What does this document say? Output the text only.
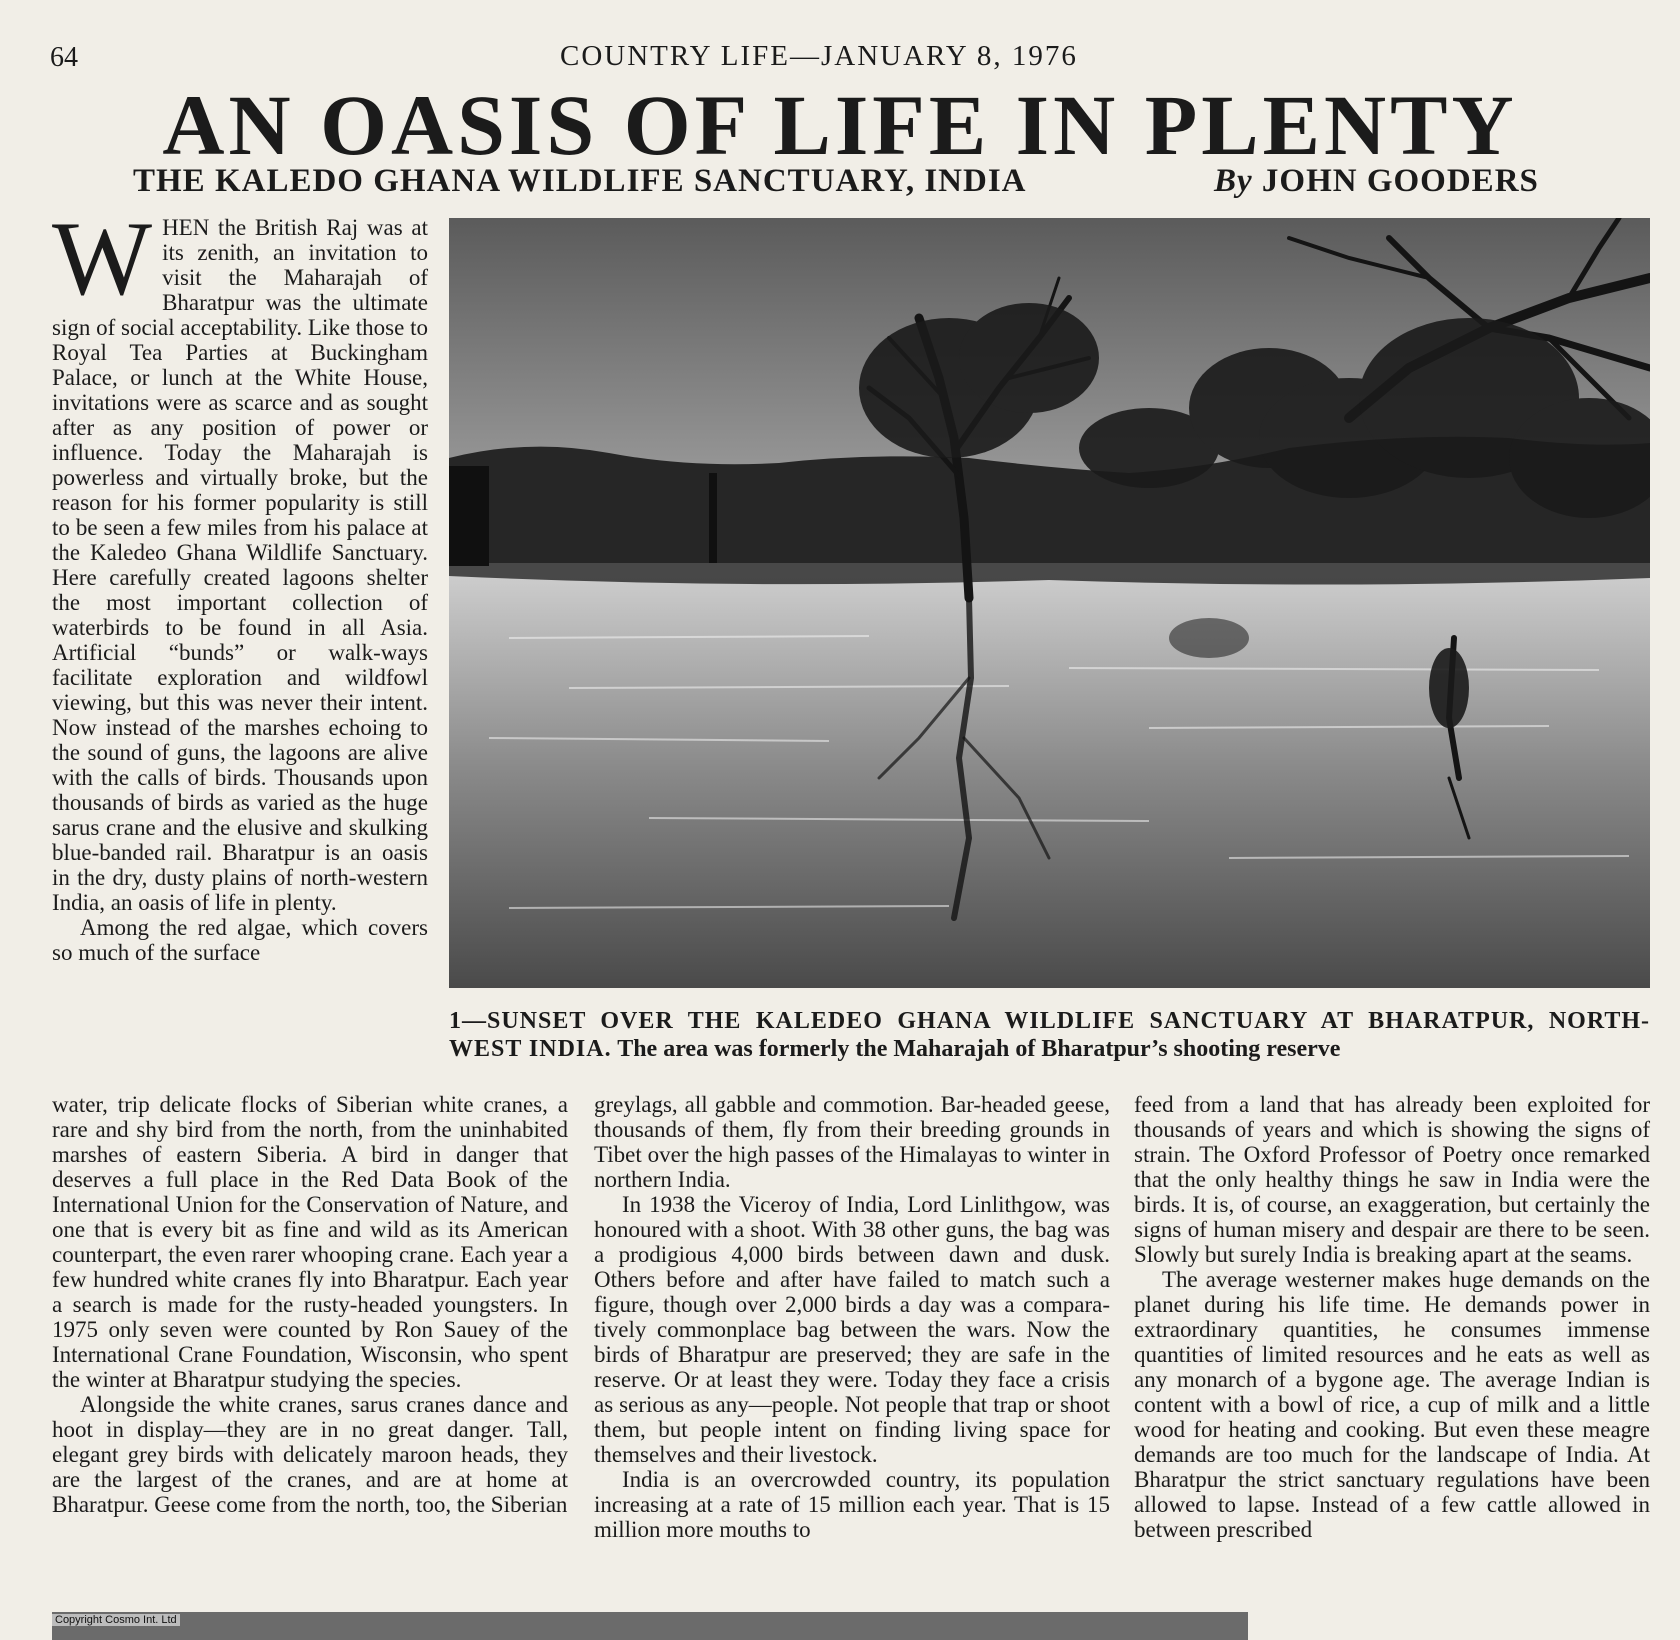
64	COUNTRY LIFE—JANUARY 8, 1976
AN OASIS OF LIFE IN PLENTY
THE KALEDO GHANA WILDLIFE SANCTUARY, INDIA	By JOHN GOODERS
W HEN the British Raj was at its zenith, an invitation to visit the Maharajah of Bharatpur was the ultimate sign of social acceptability. Like those to Royal Tea Parties at Buckingham Palace, or lunch at the White House, invitations were as scarce and as sought after as any position of power or influence. Today the Maharajah is powerless and virtually broke, but the reason for his former popularity is still to be seen a few miles from his palace at the Kaledeo Ghana Wildlife Sanctuary. Here carefully created lagoons shelter the most important collection of waterbirds to be found in all Asia. Artificial “bunds” or walk-ways facilitate exploration and wildfowl viewing, but this was never their intent. Now instead of the marshes echoing to the sound of guns, the lagoons are alive with the calls of birds. Thousands upon thousands of birds as varied as the huge sarus crane and the elusive and skulking blue-banded rail. Bharatpur is an oasis in the dry, dusty plains of north-western India, an oasis of life in plenty.

Among the red algae, which covers so much of the surface

1—SUNSET OVER THE KALEDEO GHANA WILDLIFE SANCTUARY AT BHARATPUR, NORTH-WEST INDIA. The area was formerly the Maharajah of Bharatpur’s shooting reserve

water, trip delicate flocks of Siberian white cranes, a rare and shy bird from the north, from the uninhabited marshes of eastern Siberia. A bird in danger that deserves a full place in the Red Data Book of the International Union for the Conservation of Nature, and one that is every bit as fine and wild as its American counterpart, the even rarer whooping crane. Each year a few hundred white cranes fly into Bharatpur. Each year a search is made for the rusty-headed youngsters. In 1975 only seven were counted by Ron Sauey of the International Crane Foundation, Wisconsin, who spent the winter at Bharatpur studying the species.

Alongside the white cranes, sarus cranes dance and hoot in display—they are in no great danger. Tall, elegant grey birds with delicately maroon heads, they are the largest of the cranes, and are at home at Bharatpur. Geese come from the north, too, the Siberian

greylags, all gabble and commotion. Bar-headed geese, thousands of them, fly from their breeding grounds in Tibet over the high passes of the Himalayas to winter in northern India.

In 1938 the Viceroy of India, Lord Linlithgow, was honoured with a shoot. With 38 other guns, the bag was a prodigious 4,000 birds between dawn and dusk. Others before and after have failed to match such a figure, though over 2,000 birds a day was a comparatively commonplace bag between the wars. Now the birds of Bharatpur are preserved; they are safe in the reserve. Or at least they were. Today they face a crisis as serious as any—people. Not people that trap or shoot them, but people intent on finding living space for themselves and their livestock.

India is an overcrowded country, its population increasing at a rate of 15 million each year. That is 15 million more mouths to

feed from a land that has already been exploited for thousands of years and which is showing the signs of strain. The Oxford Professor of Poetry once remarked that the only healthy things he saw in India were the birds. It is, of course, an exaggeration, but certainly the signs of human misery and despair are there to be seen. Slowly but surely India is breaking apart at the seams.

The average westerner makes huge demands on the planet during his life time. He demands power in extraordinary quantities, he consumes immense quantities of limited resources and he eats as well as any monarch of a bygone age. The average Indian is content with a bowl of rice, a cup of milk and a little wood for heating and cooking. But even these meagre demands are too much for the landscape of India. At Bharatpur the strict sanctuary regulations have been allowed to lapse. Instead of a few cattle allowed in between prescribed

Copyright Cosmo Int. Ltd
